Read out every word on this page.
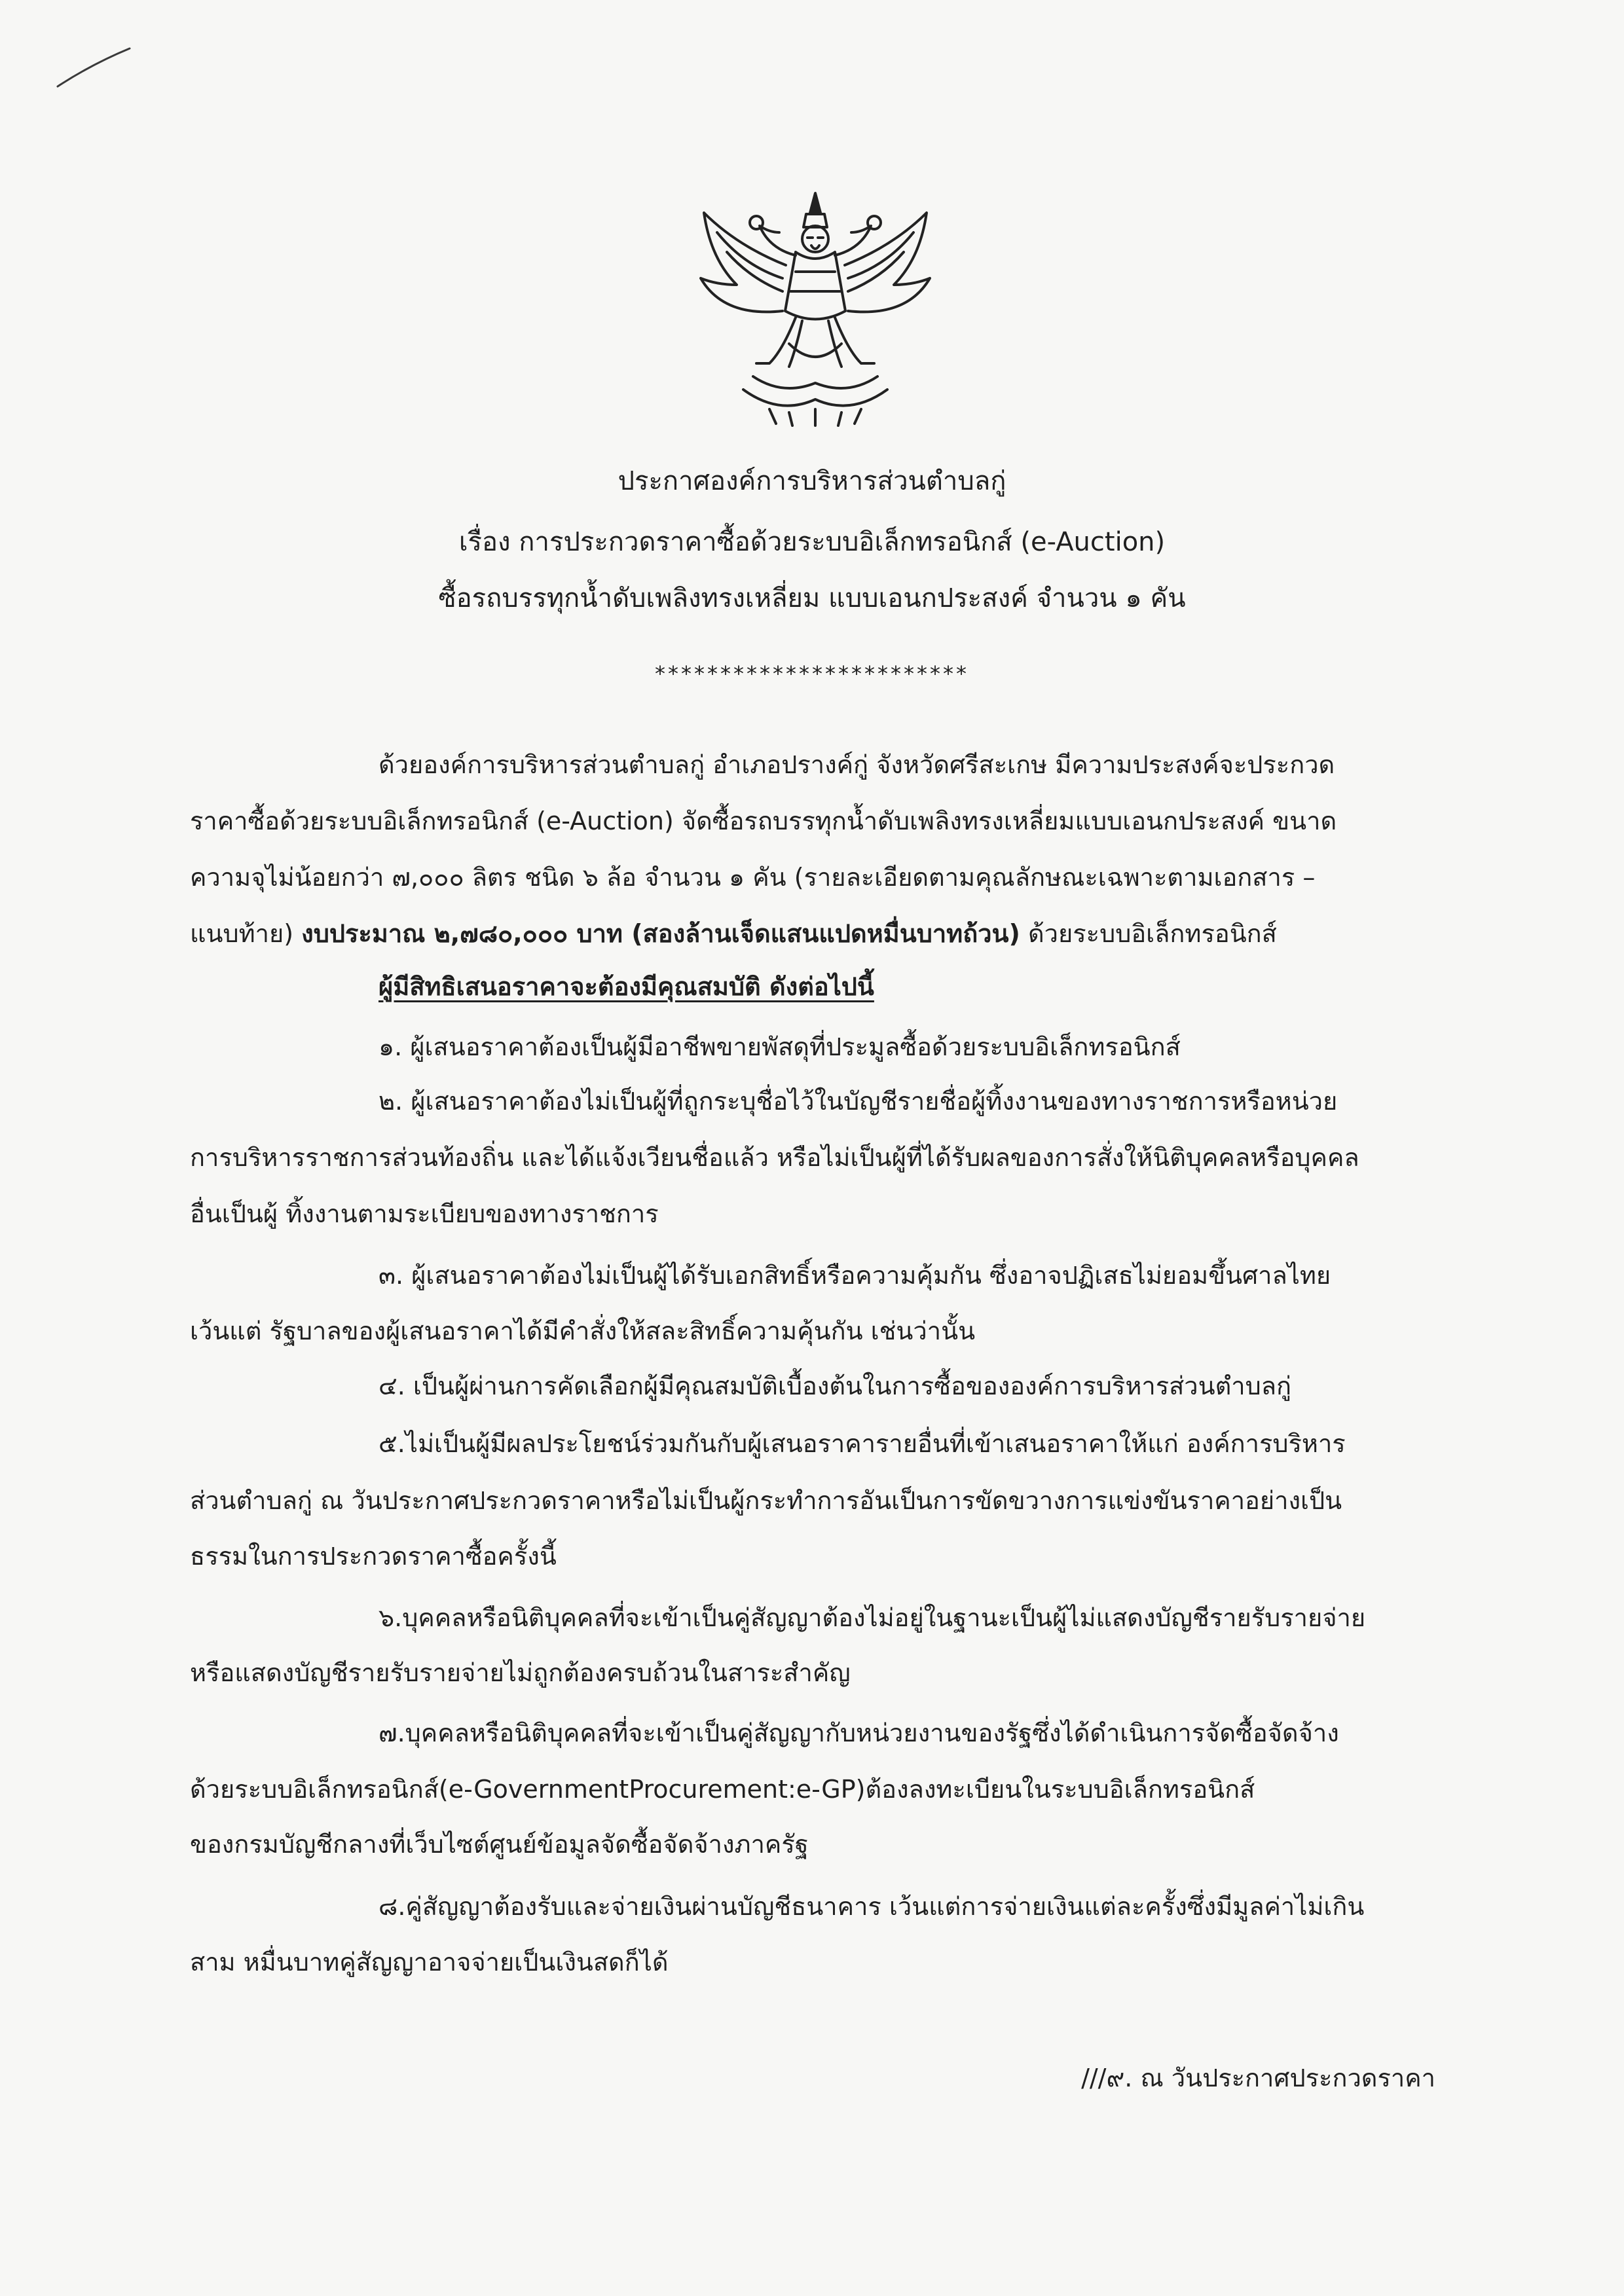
ประกาศองค์การบริหารส่วนตำบลกู่
เรื่อง การประกวดราคาซื้อด้วยระบบอิเล็กทรอนิกส์ (e-Auction)
ซื้อรถบรรทุกน้ำดับเพลิงทรงเหลี่ยม แบบเอนกประสงค์ จำนวน ๑ คัน
************************
ด้วยองค์การบริหารส่วนตำบลกู่ อำเภอปรางค์กู่ จังหวัดศรีสะเกษ มีความประสงค์จะประกวด
ราคาซื้อด้วยระบบอิเล็กทรอนิกส์ (e-Auction) จัดซื้อรถบรรทุกน้ำดับเพลิงทรงเหลี่ยมแบบเอนกประสงค์ ขนาด
ความจุไม่น้อยกว่า ๗,๐๐๐ ลิตร ชนิด ๖ ล้อ จำนวน ๑ คัน (รายละเอียดตามคุณลักษณะเฉพาะตามเอกสาร –
แนบท้าย) งบประมาณ ๒,๗๘๐,๐๐๐ บาท (สองล้านเจ็ดแสนแปดหมื่นบาทถ้วน) ด้วยระบบอิเล็กทรอนิกส์
ผู้มีสิทธิเสนอราคาจะต้องมีคุณสมบัติ ดังต่อไปนี้
๑. ผู้เสนอราคาต้องเป็นผู้มีอาชีพขายพัสดุที่ประมูลซื้อด้วยระบบอิเล็กทรอนิกส์
๒. ผู้เสนอราคาต้องไม่เป็นผู้ที่ถูกระบุชื่อไว้ในบัญชีรายชื่อผู้ทิ้งงานของทางราชการหรือหน่วย
การบริหารราชการส่วนท้องถิ่น และได้แจ้งเวียนชื่อแล้ว หรือไม่เป็นผู้ที่ได้รับผลของการสั่งให้นิติบุคคลหรือบุคคล
อื่นเป็นผู้ ทิ้งงานตามระเบียบของทางราชการ
๓. ผู้เสนอราคาต้องไม่เป็นผู้ได้รับเอกสิทธิ์หรือความคุ้มกัน ซึ่งอาจปฏิเสธไม่ยอมขึ้นศาลไทย
เว้นแต่ รัฐบาลของผู้เสนอราคาได้มีคำสั่งให้สละสิทธิ์ความคุ้นกัน เช่นว่านั้น
๔. เป็นผู้ผ่านการคัดเลือกผู้มีคุณสมบัติเบื้องต้นในการซื้อขององค์การบริหารส่วนตำบลกู่
๕.ไม่เป็นผู้มีผลประโยชน์ร่วมกันกับผู้เสนอราคารายอื่นที่เข้าเสนอราคาให้แก่ องค์การบริหาร
ส่วนตำบลกู่ ณ วันประกาศประกวดราคาหรือไม่เป็นผู้กระทำการอันเป็นการขัดขวางการแข่งขันราคาอย่างเป็น
ธรรมในการประกวดราคาซื้อครั้งนี้
๖.บุคคลหรือนิติบุคคลที่จะเข้าเป็นคู่สัญญาต้องไม่อยู่ในฐานะเป็นผู้ไม่แสดงบัญชีรายรับรายจ่าย
หรือแสดงบัญชีรายรับรายจ่ายไม่ถูกต้องครบถ้วนในสาระสำคัญ
๗.บุคคลหรือนิติบุคคลที่จะเข้าเป็นคู่สัญญากับหน่วยงานของรัฐซึ่งได้ดำเนินการจัดซื้อจัดจ้าง
ด้วยระบบอิเล็กทรอนิกส์(e-GovernmentProcurement:e-GP)ต้องลงทะเบียนในระบบอิเล็กทรอนิกส์
ของกรมบัญชีกลางที่เว็บไซต์ศูนย์ข้อมูลจัดซื้อจัดจ้างภาครัฐ
๘.คู่สัญญาต้องรับและจ่ายเงินผ่านบัญชีธนาคาร เว้นแต่การจ่ายเงินแต่ละครั้งซึ่งมีมูลค่าไม่เกิน
สาม หมื่นบาทคู่สัญญาอาจจ่ายเป็นเงินสดก็ได้
///๙. ณ วันประกาศประกวดราคา
